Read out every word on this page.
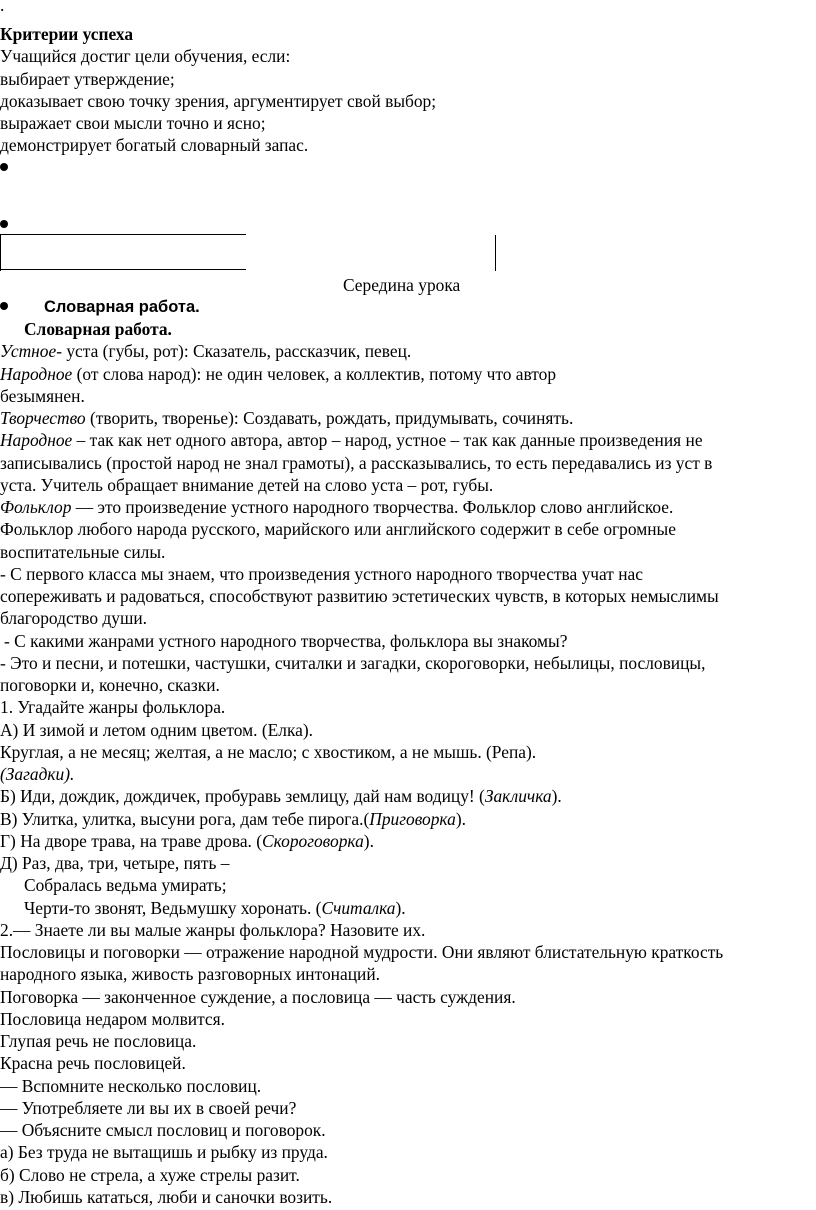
.
Критерии успеха
Учащийся достиг цели обучения, если:
выбирает утверждение;
доказывает свою точку зрения, аргументирует свой выбор;
выражает свои мысли точно и ясно;
демонстрирует богатый словарный запас.
Середина урока
Словарная работа.
Словарная работа.
Устное- уста (губы, рот): Сказатель, рассказчик, певец.
Народное (от слова народ): не один человек, а коллектив, потому что автор
безымянен.
Творчество (творить, творенье): Создавать, рождать, придумывать, сочинять.
Народное – так как нет одного автора, автор – народ, устное – так как данные произведения не
записывались (простой народ не знал грамоты), а рассказывались, то есть передавались из уст в
уста. Учитель обращает внимание детей на слово уста – рот, губы.
Фольклор — это произведение устного народного творчества. Фольклор слово английское.
Фольклор любого народа русского, марийского или английского содержит в себе огромные
воспитательные силы.
- С первого класса мы знаем, что произведения устного народного творчества учат нас
сопереживать и радоваться, способствуют развитию эстетических чувств, в которых немыслимы
благородство души.
- С какими жанрами устного народного творчества, фольклора вы знакомы?
- Это и песни, и потешки, частушки, считалки и загадки, скороговорки, небылицы, пословицы,
поговорки и, конечно, сказки.
1. Угадайте жанры фольклора.
А) И зимой и летом одним цветом. (Елка).
Круглая, а не месяц; желтая, а не масло; с хвостиком, а не мышь. (Репа).
(Загадки).
Б) Иди, дождик, дождичек, пробуравь землицу, дай нам водицу! (Закличка).
В) Улитка, улитка, высуни рога, дам тебе пирога.(Приговорка).
Г) На дворе трава, на траве дрова. (Скороговорка).
Д) Раз, два, три, четыре, пять –
Собралась ведьма умирать;
Черти-то звонят, Ведьмушку хоронать. (Считалка).
2.— Знаете ли вы малые жанры фольклора? Назовите их.
Пословицы и поговорки — отражение народной мудрости. Они являют блистательную краткость
народного языка, живость разговорных интонаций.
Поговорка — законченное суждение, а пословица — часть суждения.
Пословица недаром молвится.
Глупая речь не пословица.
Красна речь пословицей.
— Вспомните несколько пословиц.
— Употребляете ли вы их в своей речи?
— Объясните смысл пословиц и поговорок.
а) Без труда не вытащишь и рыбку из пруда.
б) Слово не стрела, а хуже стрелы разит.
в) Любишь кататься, люби и саночки возить.
